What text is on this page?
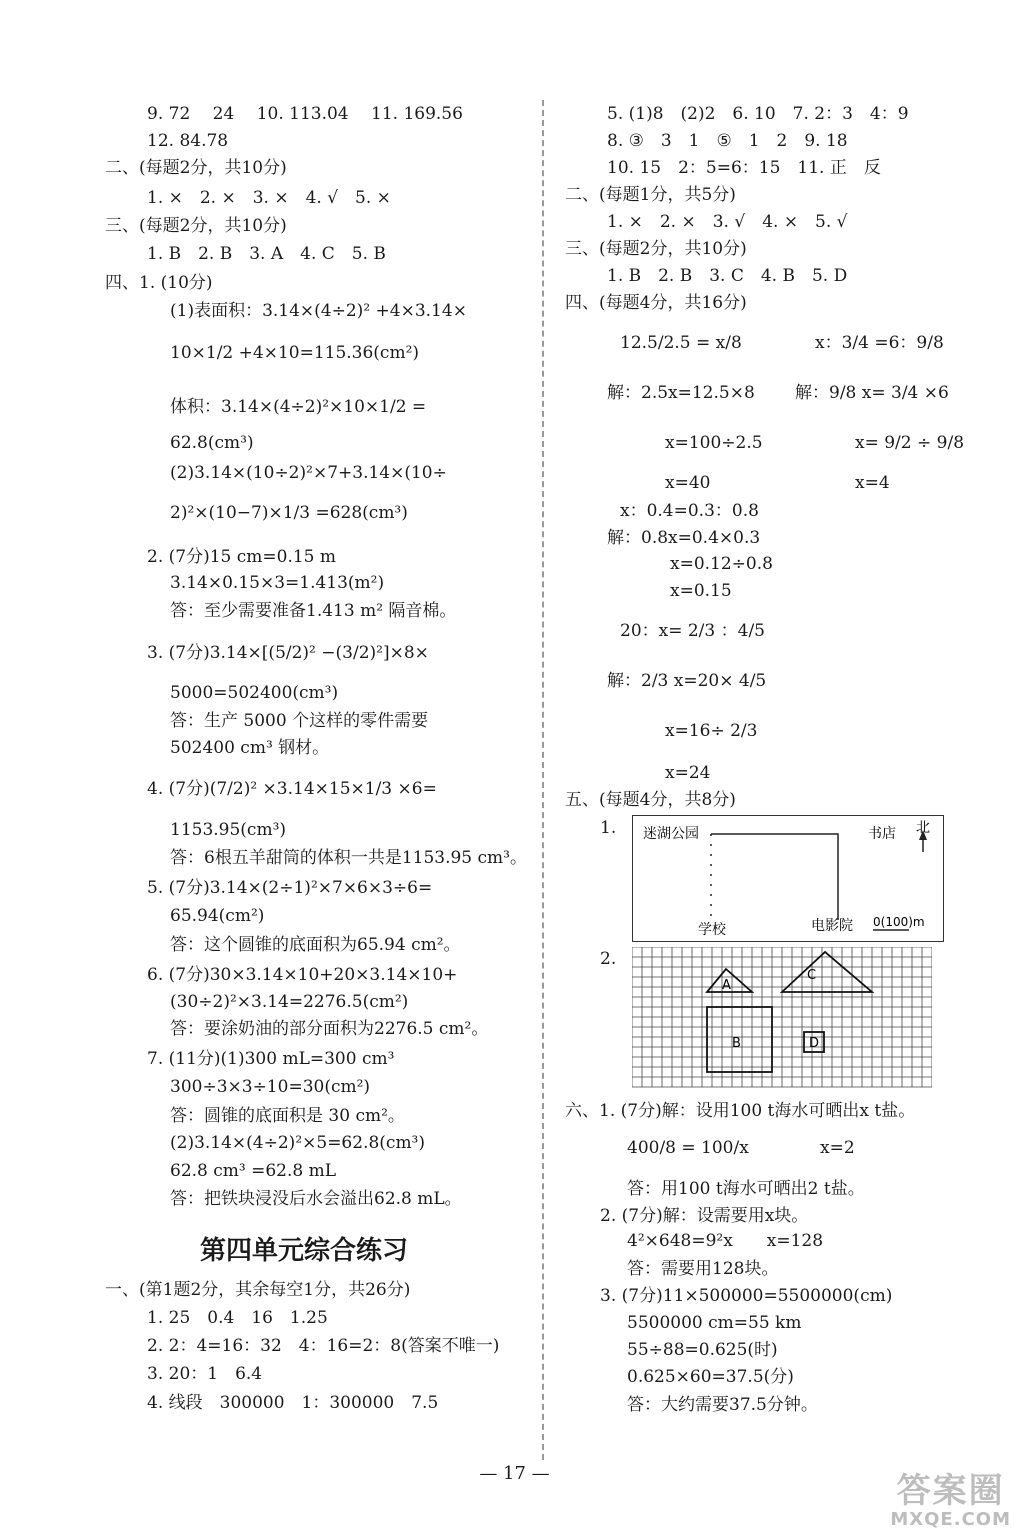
9. 72　 24　 10. 113.04　 11. 169.56
12. 84.78
二、(每题2分，共10分)
1. ×　2. ×　3. ×　4. √　5. ×
三、(每题2分，共10分)
1. B　2. B　3. A　4. C　5. B
四、1. (10分)
(1)表面积：3.14×(4÷2)² +4×3.14×
10×1/2 +4×10=115.36(cm²)
体积：3.14×(4÷2)²×10×1/2 =
62.8(cm³)
(2)3.14×(10÷2)²×7+3.14×(10÷
2)²×(10−7)×1/3 =628(cm³)
2. (7分)15 cm=0.15 m
3.14×0.15×3=1.413(m²)
答：至少需要准备1.413 m² 隔音棉。
3. (7分)3.14×[(5/2)² −(3/2)²]×8×
5000=502400(cm³)
答：生产 5000 个这样的零件需要
502400 cm³ 钢材。
4. (7分)(7/2)² ×3.14×15×1/3 ×6=
1153.95(cm³)
答：6根五羊甜筒的体积一共是1153.95 cm³。
5. (7分)3.14×(2÷1)²×7×6×3÷6=
65.94(cm²)
答：这个圆锥的底面积为65.94 cm²。
6. (7分)30×3.14×10+20×3.14×10+
(30÷2)²×3.14=2276.5(cm²)
答：要涂奶油的部分面积为2276.5 cm²。
7. (11分)(1)300 mL=300 cm³
300÷3×3÷10=30(cm²)
答：圆锥的底面积是 30 cm²。
(2)3.14×(4÷2)²×5=62.8(cm³)
62.8 cm³ =62.8 mL
答：把铁块浸没后水会溢出62.8 mL。
第四单元综合练习
一、(第1题2分，其余每空1分，共26分)
1. 25　0.4　16　1.25
2. 2：4=16：32　4：16=2：8(答案不唯一)
3. 20：1　6.4
4. 线段　300000　1：300000　7.5
5. (1)8　(2)2　6. 10　7. 2：3　4：9
8. ③　3　1　⑤　1　2　9. 18
10. 15　2：5=6：15　11. 正　反
二、(每题1分，共5分)
1. ×　2. ×　3. √　4. ×　5. √
三、(每题2分，共10分)
1. B　2. B　3. C　4. B　5. D
四、(每题4分，共16分)
12.5/2.5 = x/8	x：3/4 =6：9/8
解：2.5x=12.5×8 解：9/8 x= 3/4 ×6
x=100÷2.5	x= 9/2 ÷ 9/8
x=40	x=4
x：0.4=0.3：0.8
解：0.8x=0.4×0.3
x=0.12÷0.8
x=0.15
20：x= 2/3 ：4/5
解：2/3 x=20× 4/5
x=16÷ 2/3
x=24
五、(每题4分，共8分)
1.
2.
六、1. (7分)解：设用100 t海水可晒出x t盐。
400/8 = 100/x	x=2
答：用100 t海水可晒出2 t盐。
2. (7分)解：设需要用x块。
4²×648=9²x　　x=128
答：需要用128块。
3. (7分)11×500000=5500000(cm)
5500000 cm=55 km
55÷88=0.625(时)
0.625×60=37.5(分)
答：大约需要37.5分钟。
迷湖公园	书店 北
学校	电影院 0(100)m
A
B
C
D
— 17 —	答案圈
MXQE.COM
